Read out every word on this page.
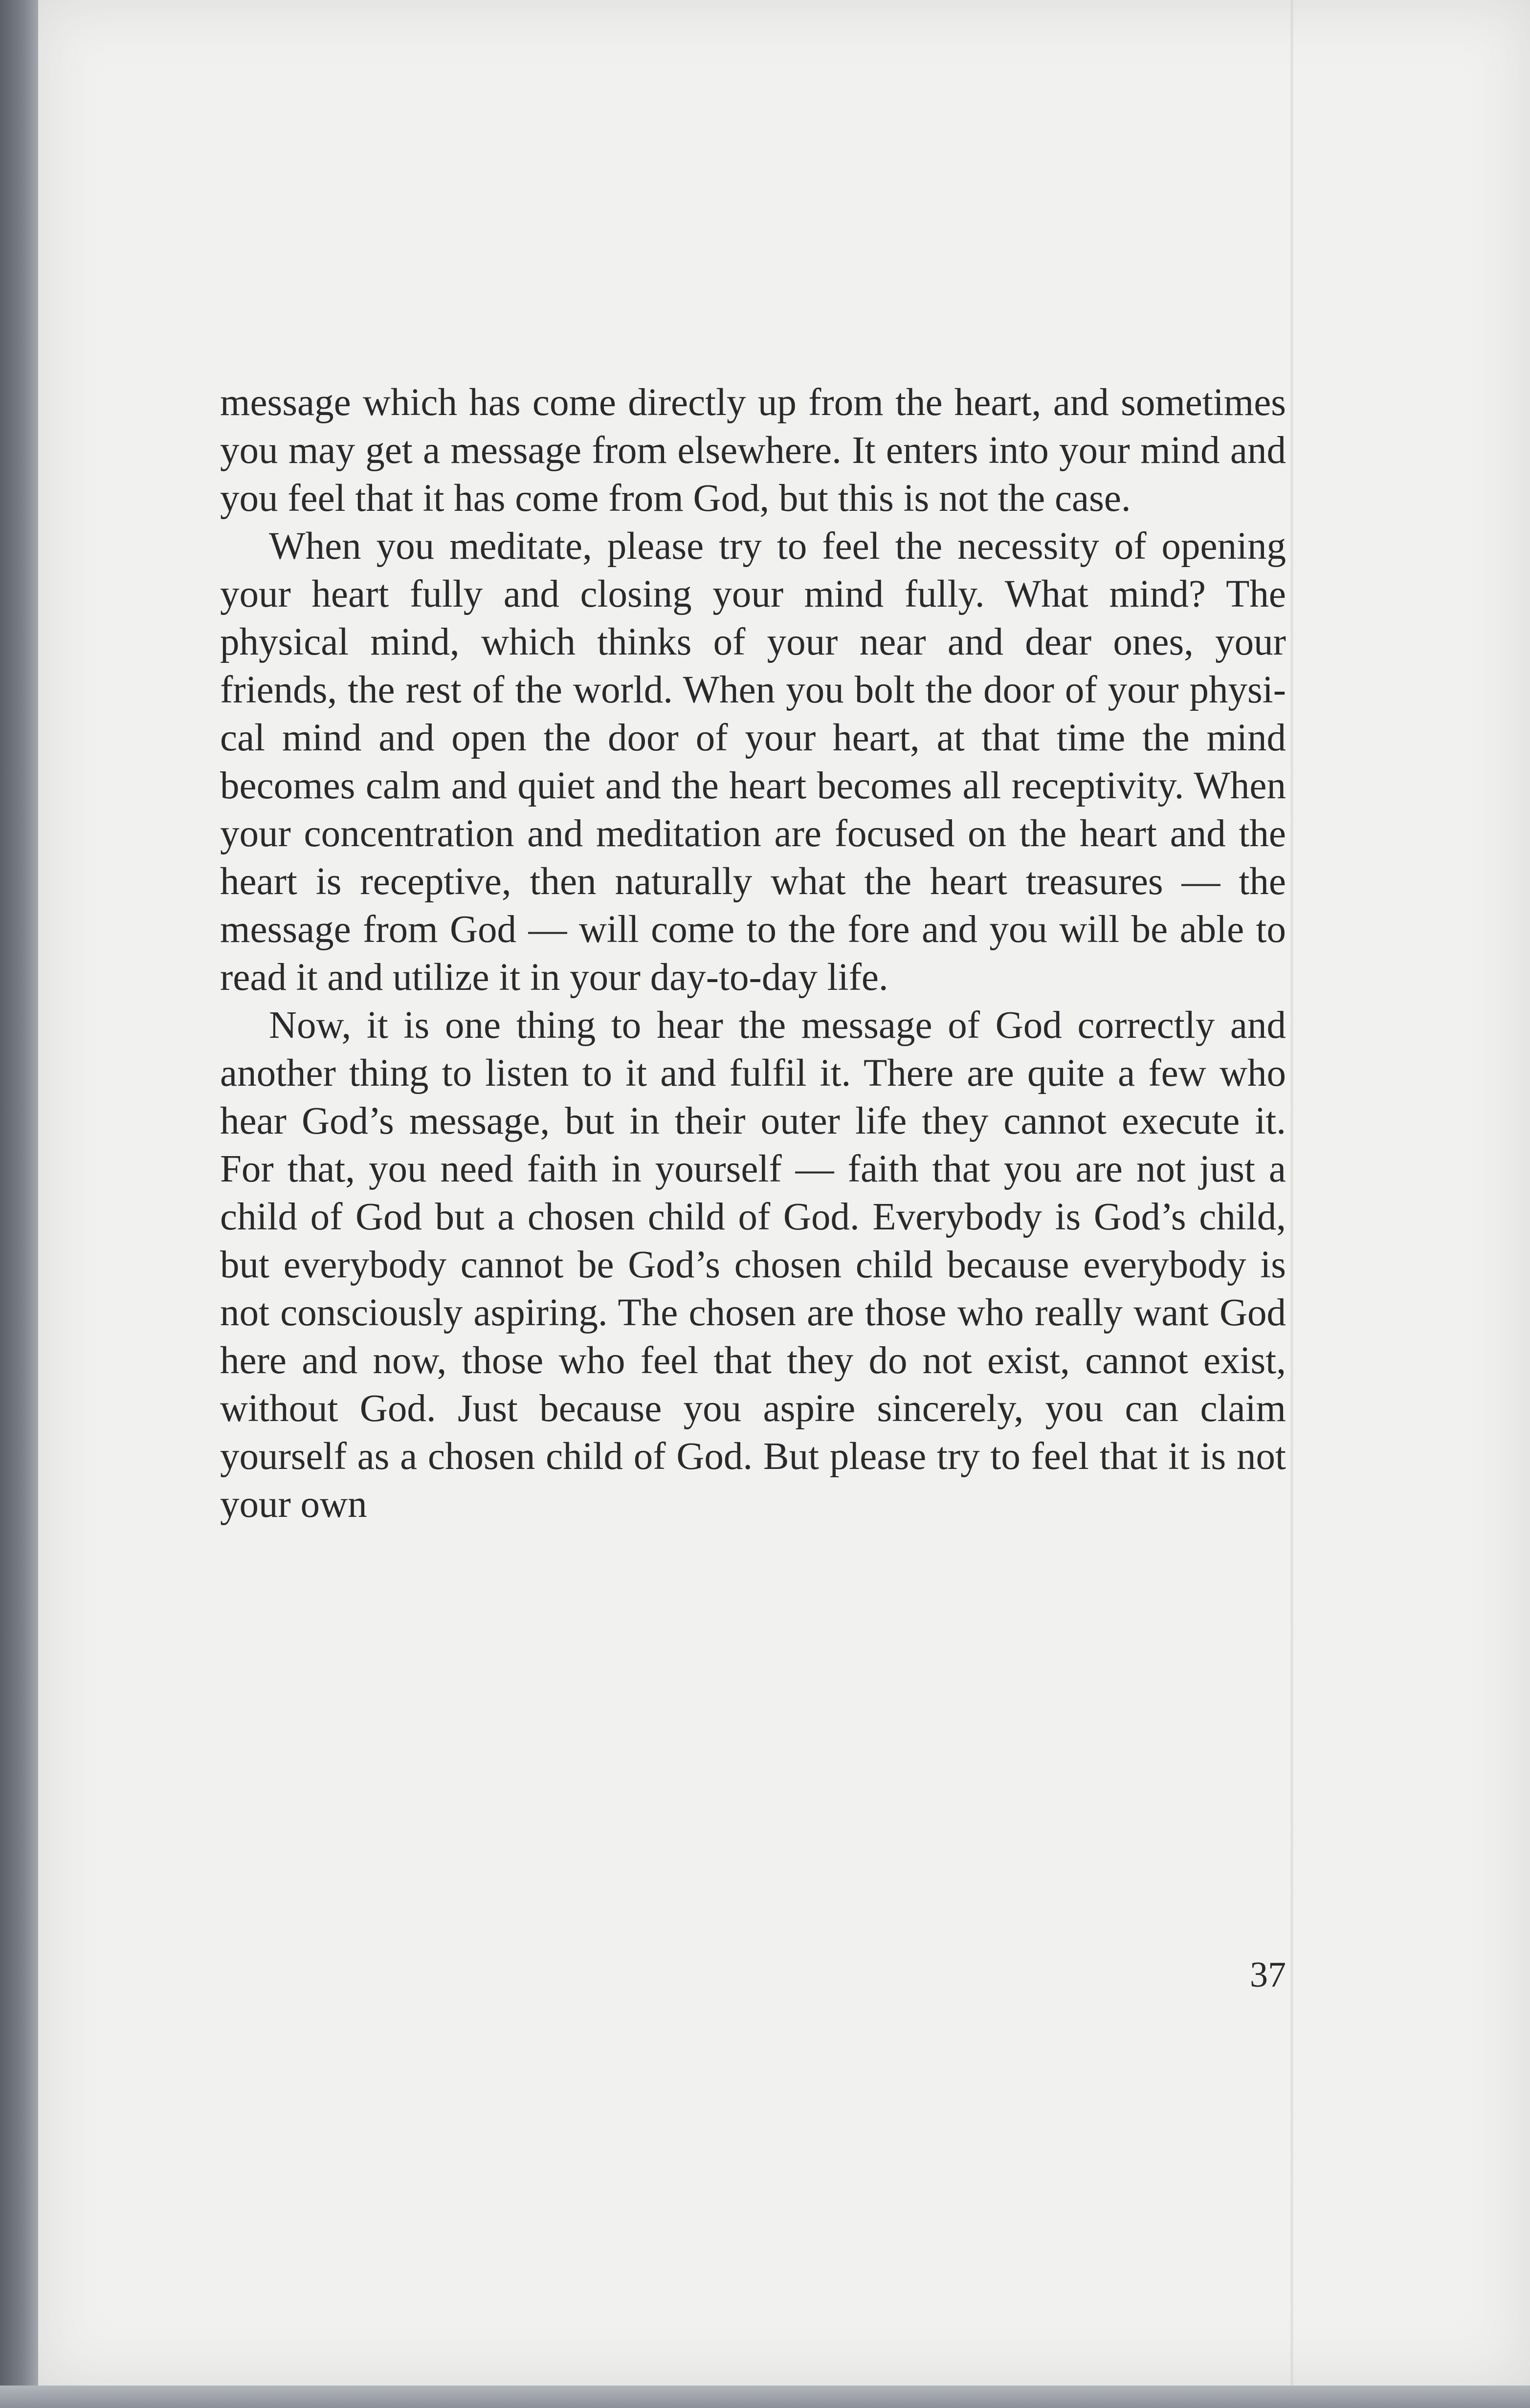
message which has come directly up from the heart, and sometimes you may get a message from elsewhere. It enters into your mind and you feel that it has come from God, but this is not the case.

When you meditate, please try to feel the necessity of opening your heart fully and closing your mind fully. What mind? The physical mind, which thinks of your near and dear ones, your friends, the rest of the world. When you bolt the door of your physical mind and open the door of your heart, at that time the mind becomes calm and quiet and the heart becomes all receptivity. When your concentration and meditation are focused on the heart and the heart is receptive, then naturally what the heart treasures — the message from God — will come to the fore and you will be able to read it and utilize it in your day-to-day life.

Now, it is one thing to hear the message of God correctly and another thing to listen to it and fulfil it. There are quite a few who hear God’s message, but in their outer life they cannot execute it. For that, you need faith in yourself — faith that you are not just a child of God but a chosen child of God. Everybody is God’s child, but everybody cannot be God’s chosen child because everybody is not consciously aspiring. The chosen are those who really want God here and now, those who feel that they do not exist, cannot exist, without God. Just because you aspire sincerely, you can claim yourself as a chosen child of God. But please try to feel that it is not your own

37
